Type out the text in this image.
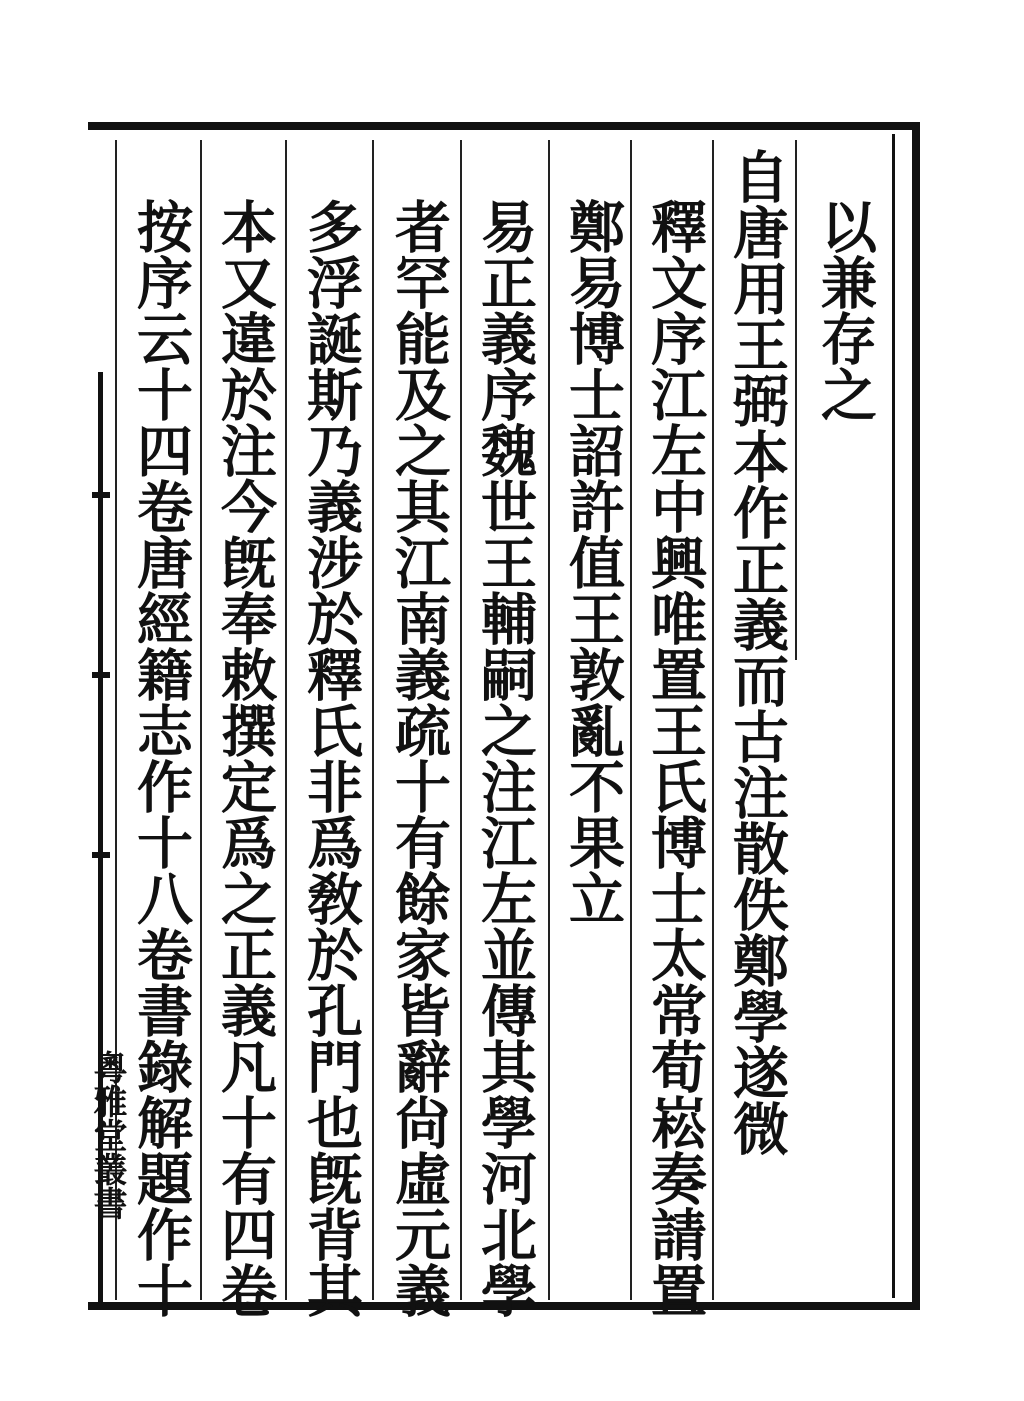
以兼存之
自唐用王弼本作正義而古注散佚鄭學遂微
釋文序江左中興唯置王氏博士太常荀崧奏請置
鄭易博士詔許值王敦亂不果立
易正義序魏世王輔嗣之注江左並傳其學河北學
者罕能及之其江南義疏十有餘家皆辭尙虛元義
多浮誕斯乃義涉於釋氏非爲敎於孔門也旣背其
本又違於注今旣奉敕撰定爲之正義凡十有四卷
按序云十四卷唐經籍志作十八卷書錄解題作十
粵雅堂叢書
